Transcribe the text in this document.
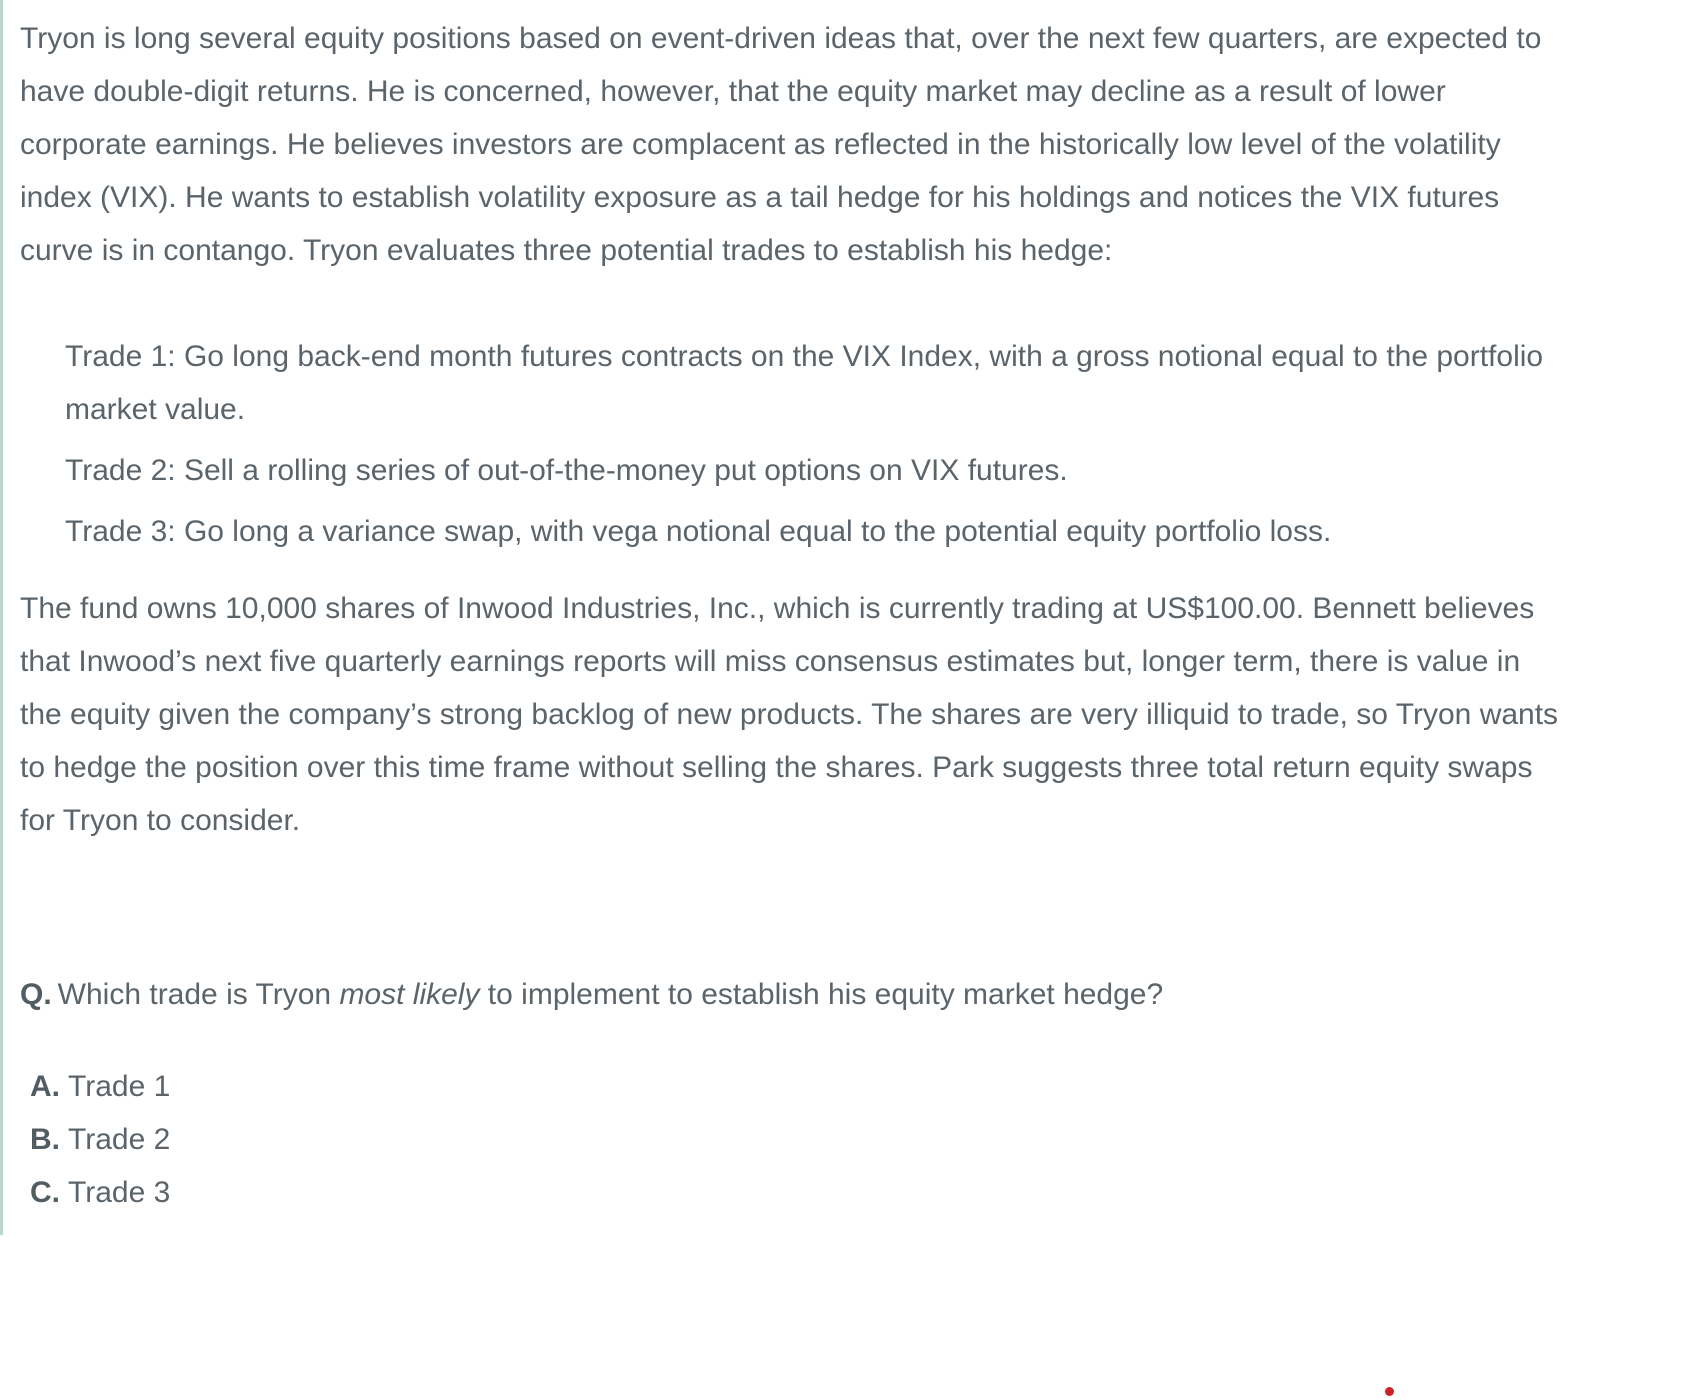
Tryon is long several equity positions based on event-driven ideas that, over the next few quarters, are expected to have double-digit returns. He is concerned, however, that the equity market may decline as a result of lower corporate earnings. He believes investors are complacent as reflected in the historically low level of the volatility index (VIX). He wants to establish volatility exposure as a tail hedge for his holdings and notices the VIX futures curve is in contango. Tryon evaluates three potential trades to establish his hedge:

Trade 1: Go long back-end month futures contracts on the VIX Index, with a gross notional equal to the portfolio market value.

Trade 2: Sell a rolling series of out-of-the-money put options on VIX futures.

Trade 3: Go long a variance swap, with vega notional equal to the potential equity portfolio loss.

The fund owns 10,000 shares of Inwood Industries, Inc., which is currently trading at US$100.00. Bennett believes that Inwood’s next five quarterly earnings reports will miss consensus estimates but, longer term, there is value in the equity given the company’s strong backlog of new products. The shares are very illiquid to trade, so Tryon wants to hedge the position over this time frame without selling the shares. Park suggests three total return equity swaps for Tryon to consider.

Q. Which trade is Tryon most likely to implement to establish his equity market hedge?

A. Trade 1
B. Trade 2
C. Trade 3
